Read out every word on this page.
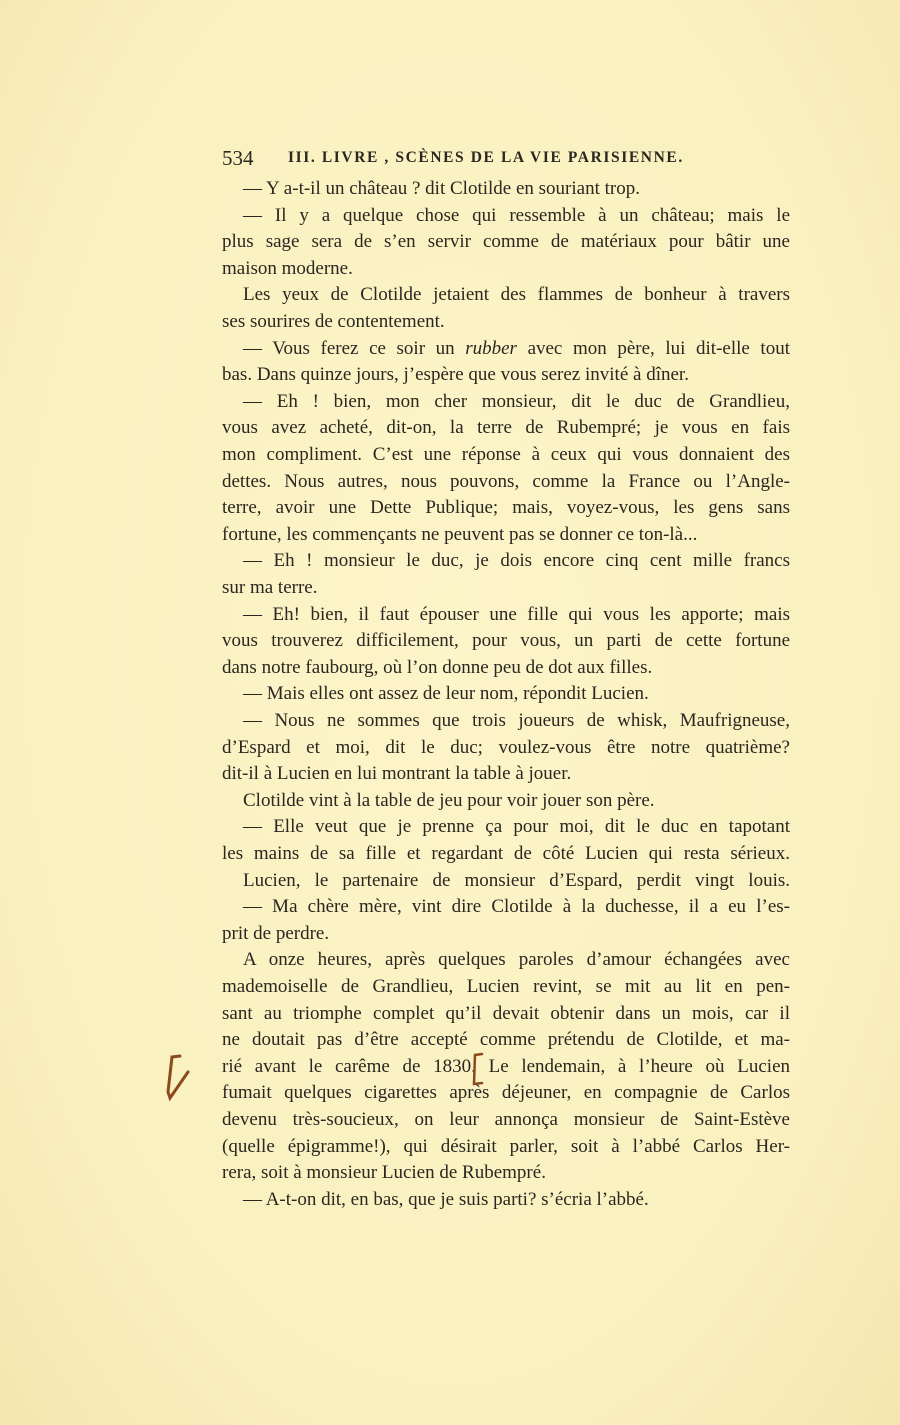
534 III. LIVRE , SCÈNES DE LA VIE PARISIENNE.
— Y a-t-il un château ? dit Clotilde en souriant trop.
— Il y a quelque chose qui ressemble à un château; mais le
plus sage sera de s’en servir comme de matériaux pour bâtir une
maison moderne.
Les yeux de Clotilde jetaient des flammes de bonheur à travers
ses sourires de contentement.
— Vous ferez ce soir un rubber avec mon père, lui dit-elle tout
bas. Dans quinze jours, j’espère que vous serez invité à dîner.
— Eh ! bien, mon cher monsieur, dit le duc de Grandlieu,
vous avez acheté, dit-on, la terre de Rubempré; je vous en fais
mon compliment. C’est une réponse à ceux qui vous donnaient des
dettes. Nous autres, nous pouvons, comme la France ou l’Angle-
terre, avoir une Dette Publique; mais, voyez-vous, les gens sans
fortune, les commençants ne peuvent pas se donner ce ton-là...
— Eh ! monsieur le duc, je dois encore cinq cent mille francs
sur ma terre.
— Eh! bien, il faut épouser une fille qui vous les apporte; mais
vous trouverez difficilement, pour vous, un parti de cette fortune
dans notre faubourg, où l’on donne peu de dot aux filles.
— Mais elles ont assez de leur nom, répondit Lucien.
— Nous ne sommes que trois joueurs de whisk, Maufrigneuse,
d’Espard et moi, dit le duc; voulez-vous être notre quatrième?
dit-il à Lucien en lui montrant la table à jouer.
Clotilde vint à la table de jeu pour voir jouer son père.
— Elle veut que je prenne ça pour moi, dit le duc en tapotant
les mains de sa fille et regardant de côté Lucien qui resta sérieux.
Lucien, le partenaire de monsieur d’Espard, perdit vingt louis.
— Ma chère mère, vint dire Clotilde à la duchesse, il a eu l’es-
prit de perdre.
A onze heures, après quelques paroles d’amour échangées avec
mademoiselle de Grandlieu, Lucien revint, se mit au lit en pen-
sant au triomphe complet qu’il devait obtenir dans un mois, car il
ne doutait pas d’être accepté comme prétendu de Clotilde, et ma-
rié avant le carême de 1830. Le lendemain, à l’heure où Lucien
fumait quelques cigarettes après déjeuner, en compagnie de Carlos
devenu très-soucieux, on leur annonça monsieur de Saint-Estève
(quelle épigramme!), qui désirait parler, soit à l’abbé Carlos Her-
rera, soit à monsieur Lucien de Rubempré.
— A-t-on dit, en bas, que je suis parti? s’écria l’abbé.
